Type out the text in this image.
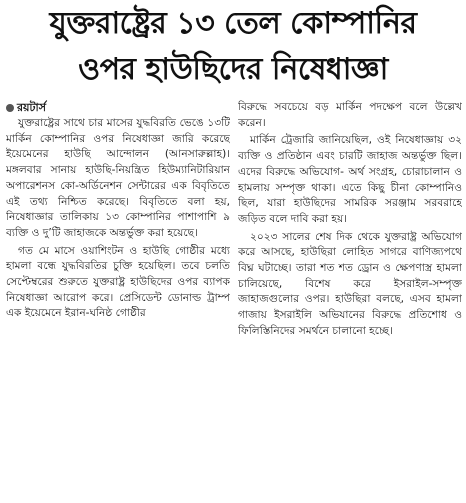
যুক্তরাষ্ট্রের ১৩ তেল কোম্পানির
ওপর হাউছিদের নিষেধাজ্ঞা
রয়টার্স

যুক্তরাষ্ট্রের সাথে চার মাসের যুদ্ধবিরতি ভেঙে ১৩টি মার্কিন কোম্পানির ওপর নিষেধাজ্ঞা জারি করেছে ইয়েমেনের হাউছি আন্দোলন (আনসারুল্লাহ)। মঙ্গলবার সানায় হাউছি-নিয়ন্ত্রিত হিউম্যানিটারিয়ান অপারেশনস কো-অর্ডিনেশন সেন্টারের এক বিবৃতিতে এই তথ্য নিশ্চিত করেছে। বিবৃতিতে বলা হয়, নিষেধাজ্ঞার তালিকায় ১৩ কোম্পানির পাশাপাশি ৯ ব্যক্তি ও দু’টি জাহাজকে অন্তর্ভুক্ত করা হয়েছে।

গত মে মাসে ওয়াশিংটন ও হাউছি গোষ্ঠীর মধ্যে হামলা বন্ধে যুদ্ধবিরতির চুক্তি হয়েছিল। তবে চলতি সেপ্টেম্বরের শুরুতে যুক্তরাষ্ট্র হাউছিদের ওপর ব্যাপক নিষেধাজ্ঞা আরোপ করে। প্রেসিডেন্ট ডোনাল্ড ট্রাম্প এক ইয়েমেনে ইরান-ঘনিষ্ঠ গোষ্ঠীর

বিরুদ্ধে সবচেয়ে বড় মার্কিন পদক্ষেপ বলে উল্লেখ করেন।

মার্কিন ট্রেজারি জানিয়েছিল, ওই নিষেধাজ্ঞায় ৩২ ব্যক্তি ও প্রতিষ্ঠান এবং চারটি জাহাজ অন্তর্ভুক্ত ছিল। এদের বিরুদ্ধে অভিযোগ- অর্থ সংগ্রহ, চোরাচালান ও হামলায় সম্পৃক্ত থাকা। এতে কিছু চীনা কোম্পানিও ছিল, যারা হাউছিদের সামরিক সরঞ্জাম সরবরাহে জড়িত বলে দাবি করা হয়।

২০২৩ সালের শেষ দিক থেকে যুক্তরাষ্ট্র অভিযোগ করে আসছে, হাউছিরা লোহিত সাগরে বাণিজ্যপথে বিঘ্ন ঘটাচ্ছে। তারা শত শত ড্রোন ও ক্ষেপণাস্ত্র হামলা চালিয়েছে, বিশেষ করে ইসরাইল-সম্পৃক্ত জাহাজগুলোর ওপর। হাউছিরা বলছে, এসব হামলা গাজায় ইসরাইলি অভিযানের বিরুদ্ধে প্রতিশোধ ও ফিলিস্তিনিদের সমর্থনে চালানো হচ্ছে।
